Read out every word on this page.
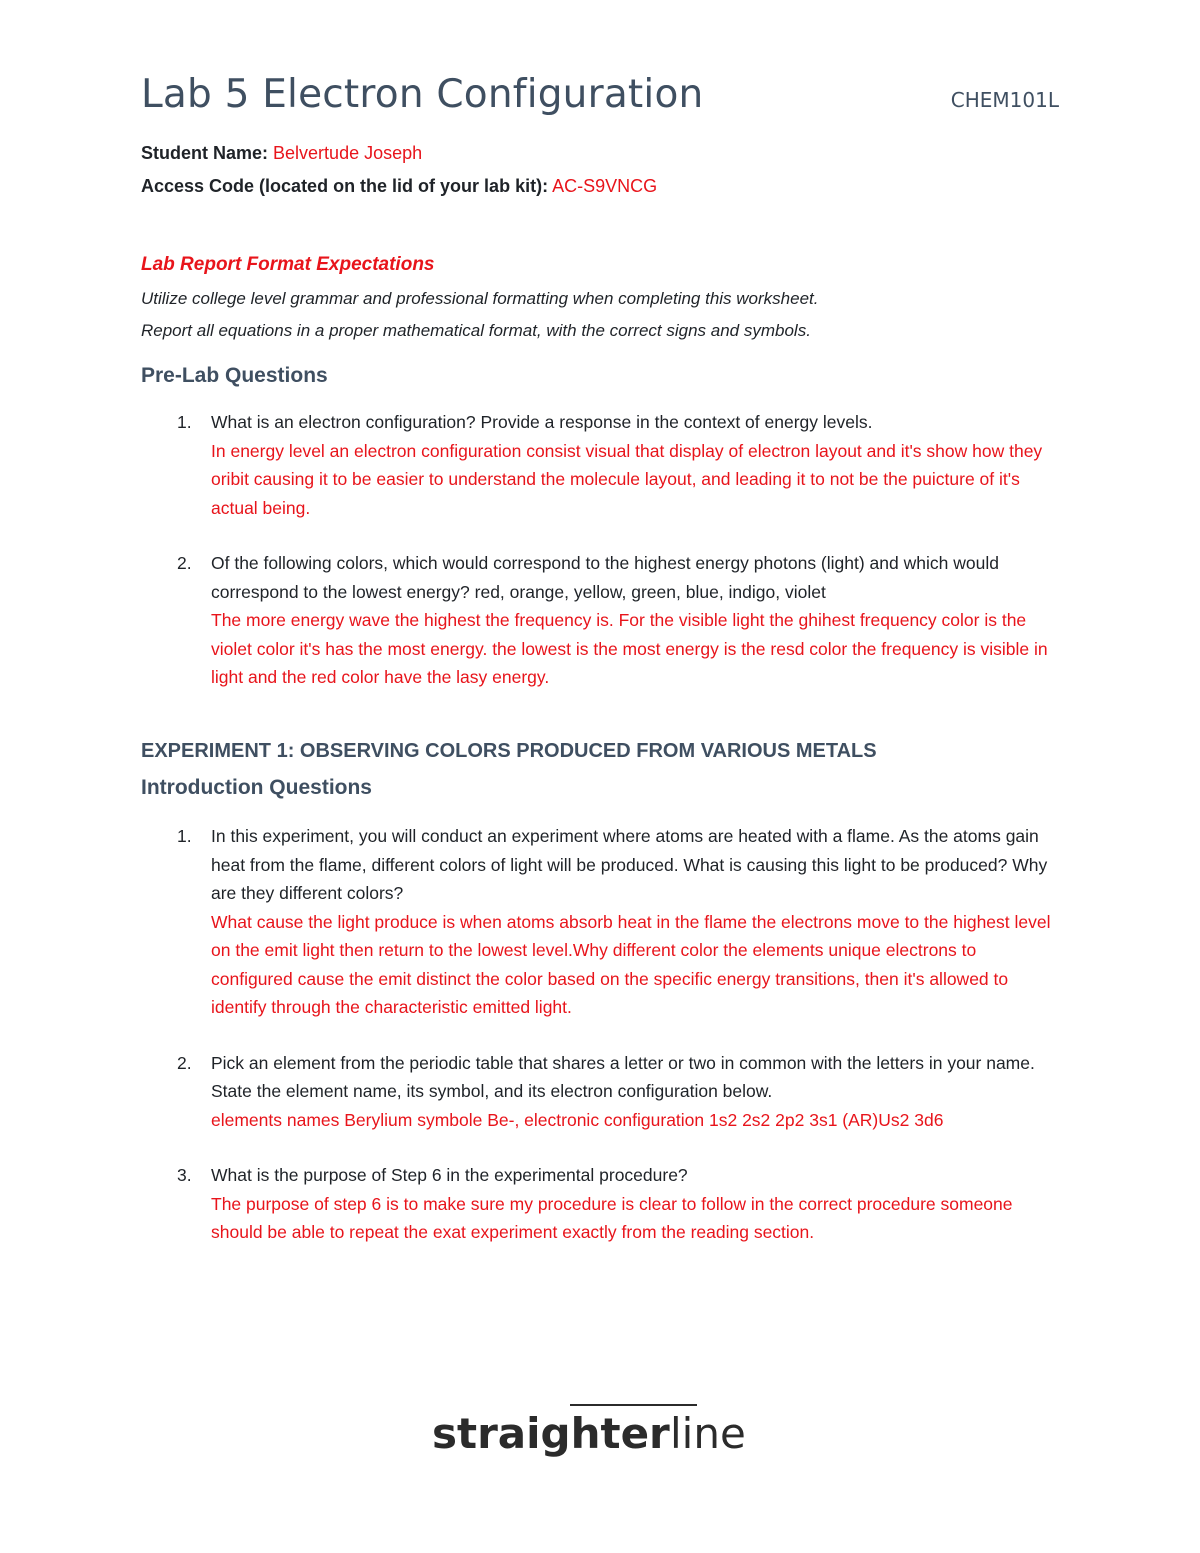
Lab 5 Electron Configuration	CHEM101L
Student Name: Belvertude Joseph
Access Code (located on the lid of your lab kit): AC-S9VNCG
Lab Report Format Expectations
Utilize college level grammar and professional formatting when completing this worksheet.
Report all equations in a proper mathematical format, with the correct signs and symbols.
Pre-Lab Questions
1. What is an electron configuration? Provide a response in the context of energy levels.

In energy level an electron configuration consist visual that display of electron layout and it's show how they oribit causing it to be easier to understand the molecule layout, and leading it to not be the puicture of it's actual being.

2. Of the following colors, which would correspond to the highest energy photons (light) and which would correspond to the lowest energy? red, orange, yellow, green, blue, indigo, violet

The more energy wave the highest the frequency is. For the visible light the ghihest frequency color is the violet color it's has the most energy. the lowest is the most energy is the resd color the frequency is visible in light and the red color have the lasy energy.

EXPERIMENT 1: OBSERVING COLORS PRODUCED FROM VARIOUS METALS
Introduction Questions
1. In this experiment, you will conduct an experiment where atoms are heated with a flame. As the atoms gain heat from the flame, different colors of light will be produced. What is causing this light to be produced? Why are they different colors?

What cause the light produce is when atoms absorb heat in the flame the electrons move to the highest level on the emit light then return to the lowest level.Why different color the elements unique electrons to configured cause the emit distinct the color based on the specific energy transitions, then it's allowed to identify through the characteristic emitted light.

2. Pick an element from the periodic table that shares a letter or two in common with the letters in your name. State the element name, its symbol, and its electron configuration below.

elements names Berylium symbole Be-, electronic configuration 1s2 2s2 2p2 3s1 (AR)Us2 3d6

3. What is the purpose of Step 6 in the experimental procedure?

The purpose of step 6 is to make sure my procedure is clear to follow in the correct procedure someone should be able to repeat the exat experiment exactly from the reading section.

straighter line
